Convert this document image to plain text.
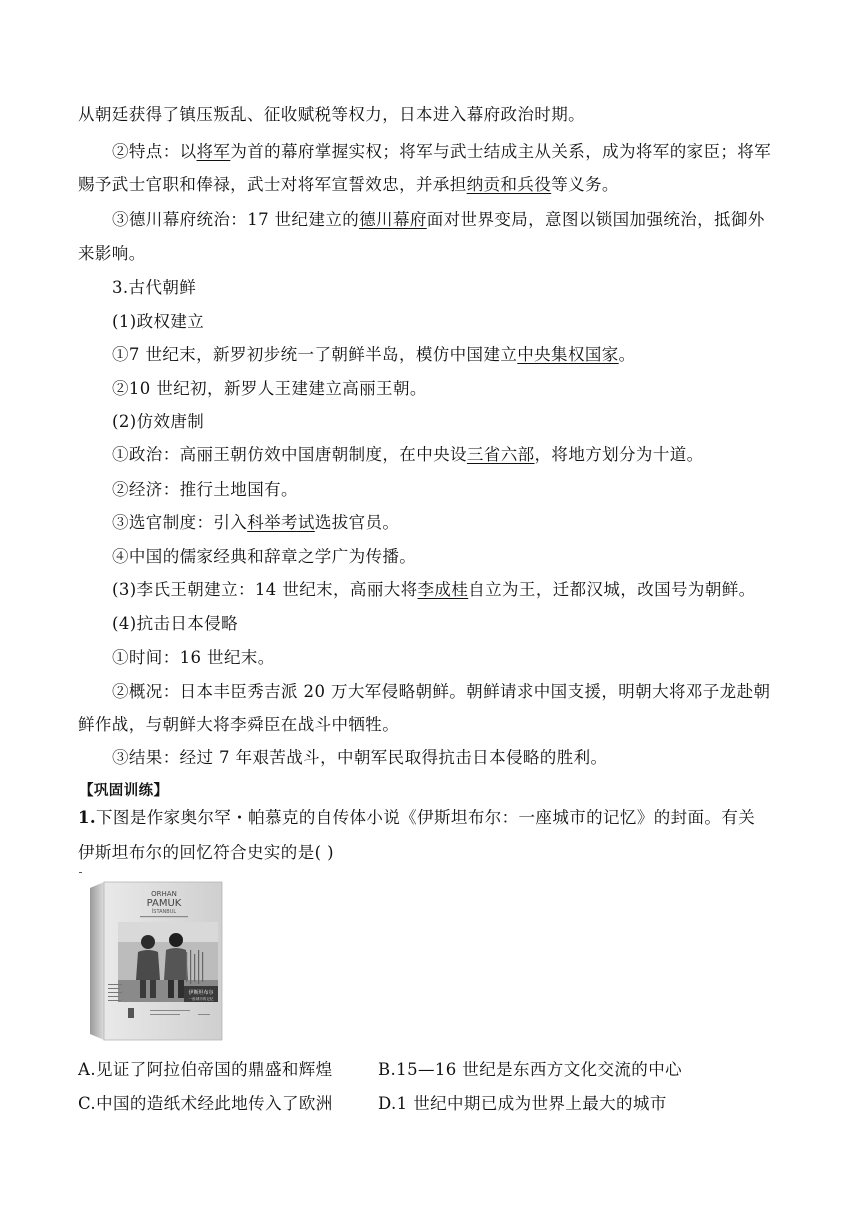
从朝廷获得了镇压叛乱、征收赋税等权力，日本进入幕府政治时期。
②特点：以将军为首的幕府掌握实权；将军与武士结成主从关系，成为将军的家臣；将军
赐予武士官职和俸禄，武士对将军宣誓效忠，并承担纳贡和兵役等义务。
③德川幕府统治：17 世纪建立的德川幕府面对世界变局，意图以锁国加强统治，抵御外
来影响。
3.古代朝鲜
(1)政权建立
①7 世纪末，新罗初步统一了朝鲜半岛，模仿中国建立中央集权国家。
②10 世纪初，新罗人王建建立高丽王朝。
(2)仿效唐制
①政治：高丽王朝仿效中国唐朝制度，在中央设三省六部，将地方划分为十道。
②经济：推行土地国有。
③选官制度：引入科举考试选拔官员。
④中国的儒家经典和辞章之学广为传播。
(3)李氏王朝建立：14 世纪末，高丽大将李成桂自立为王，迁都汉城，改国号为朝鲜。
(4)抗击日本侵略
①时间：16 世纪末。
②概况：日本丰臣秀吉派 20 万大军侵略朝鲜。朝鲜请求中国支援，明朝大将邓子龙赴朝
鲜作战，与朝鲜大将李舜臣在战斗中牺牲。
③结果：经过 7 年艰苦战斗，中朝军民取得抗击日本侵略的胜利。
【巩固训练】
1.下图是作家奥尔罕・帕慕克的自传体小说《伊斯坦布尔：一座城市的记忆》的封面。有关
伊斯坦布尔的回忆符合史实的是( )
ORHAN
PAMUK
İSTANBUL
伊斯坦布尔
一座城市的记忆
A.见证了阿拉伯帝国的鼎盛和辉煌	B.15—16 世纪是东西方文化交流的中心
C.中国的造纸术经此地传入了欧洲	D.1 世纪中期已成为世界上最大的城市
